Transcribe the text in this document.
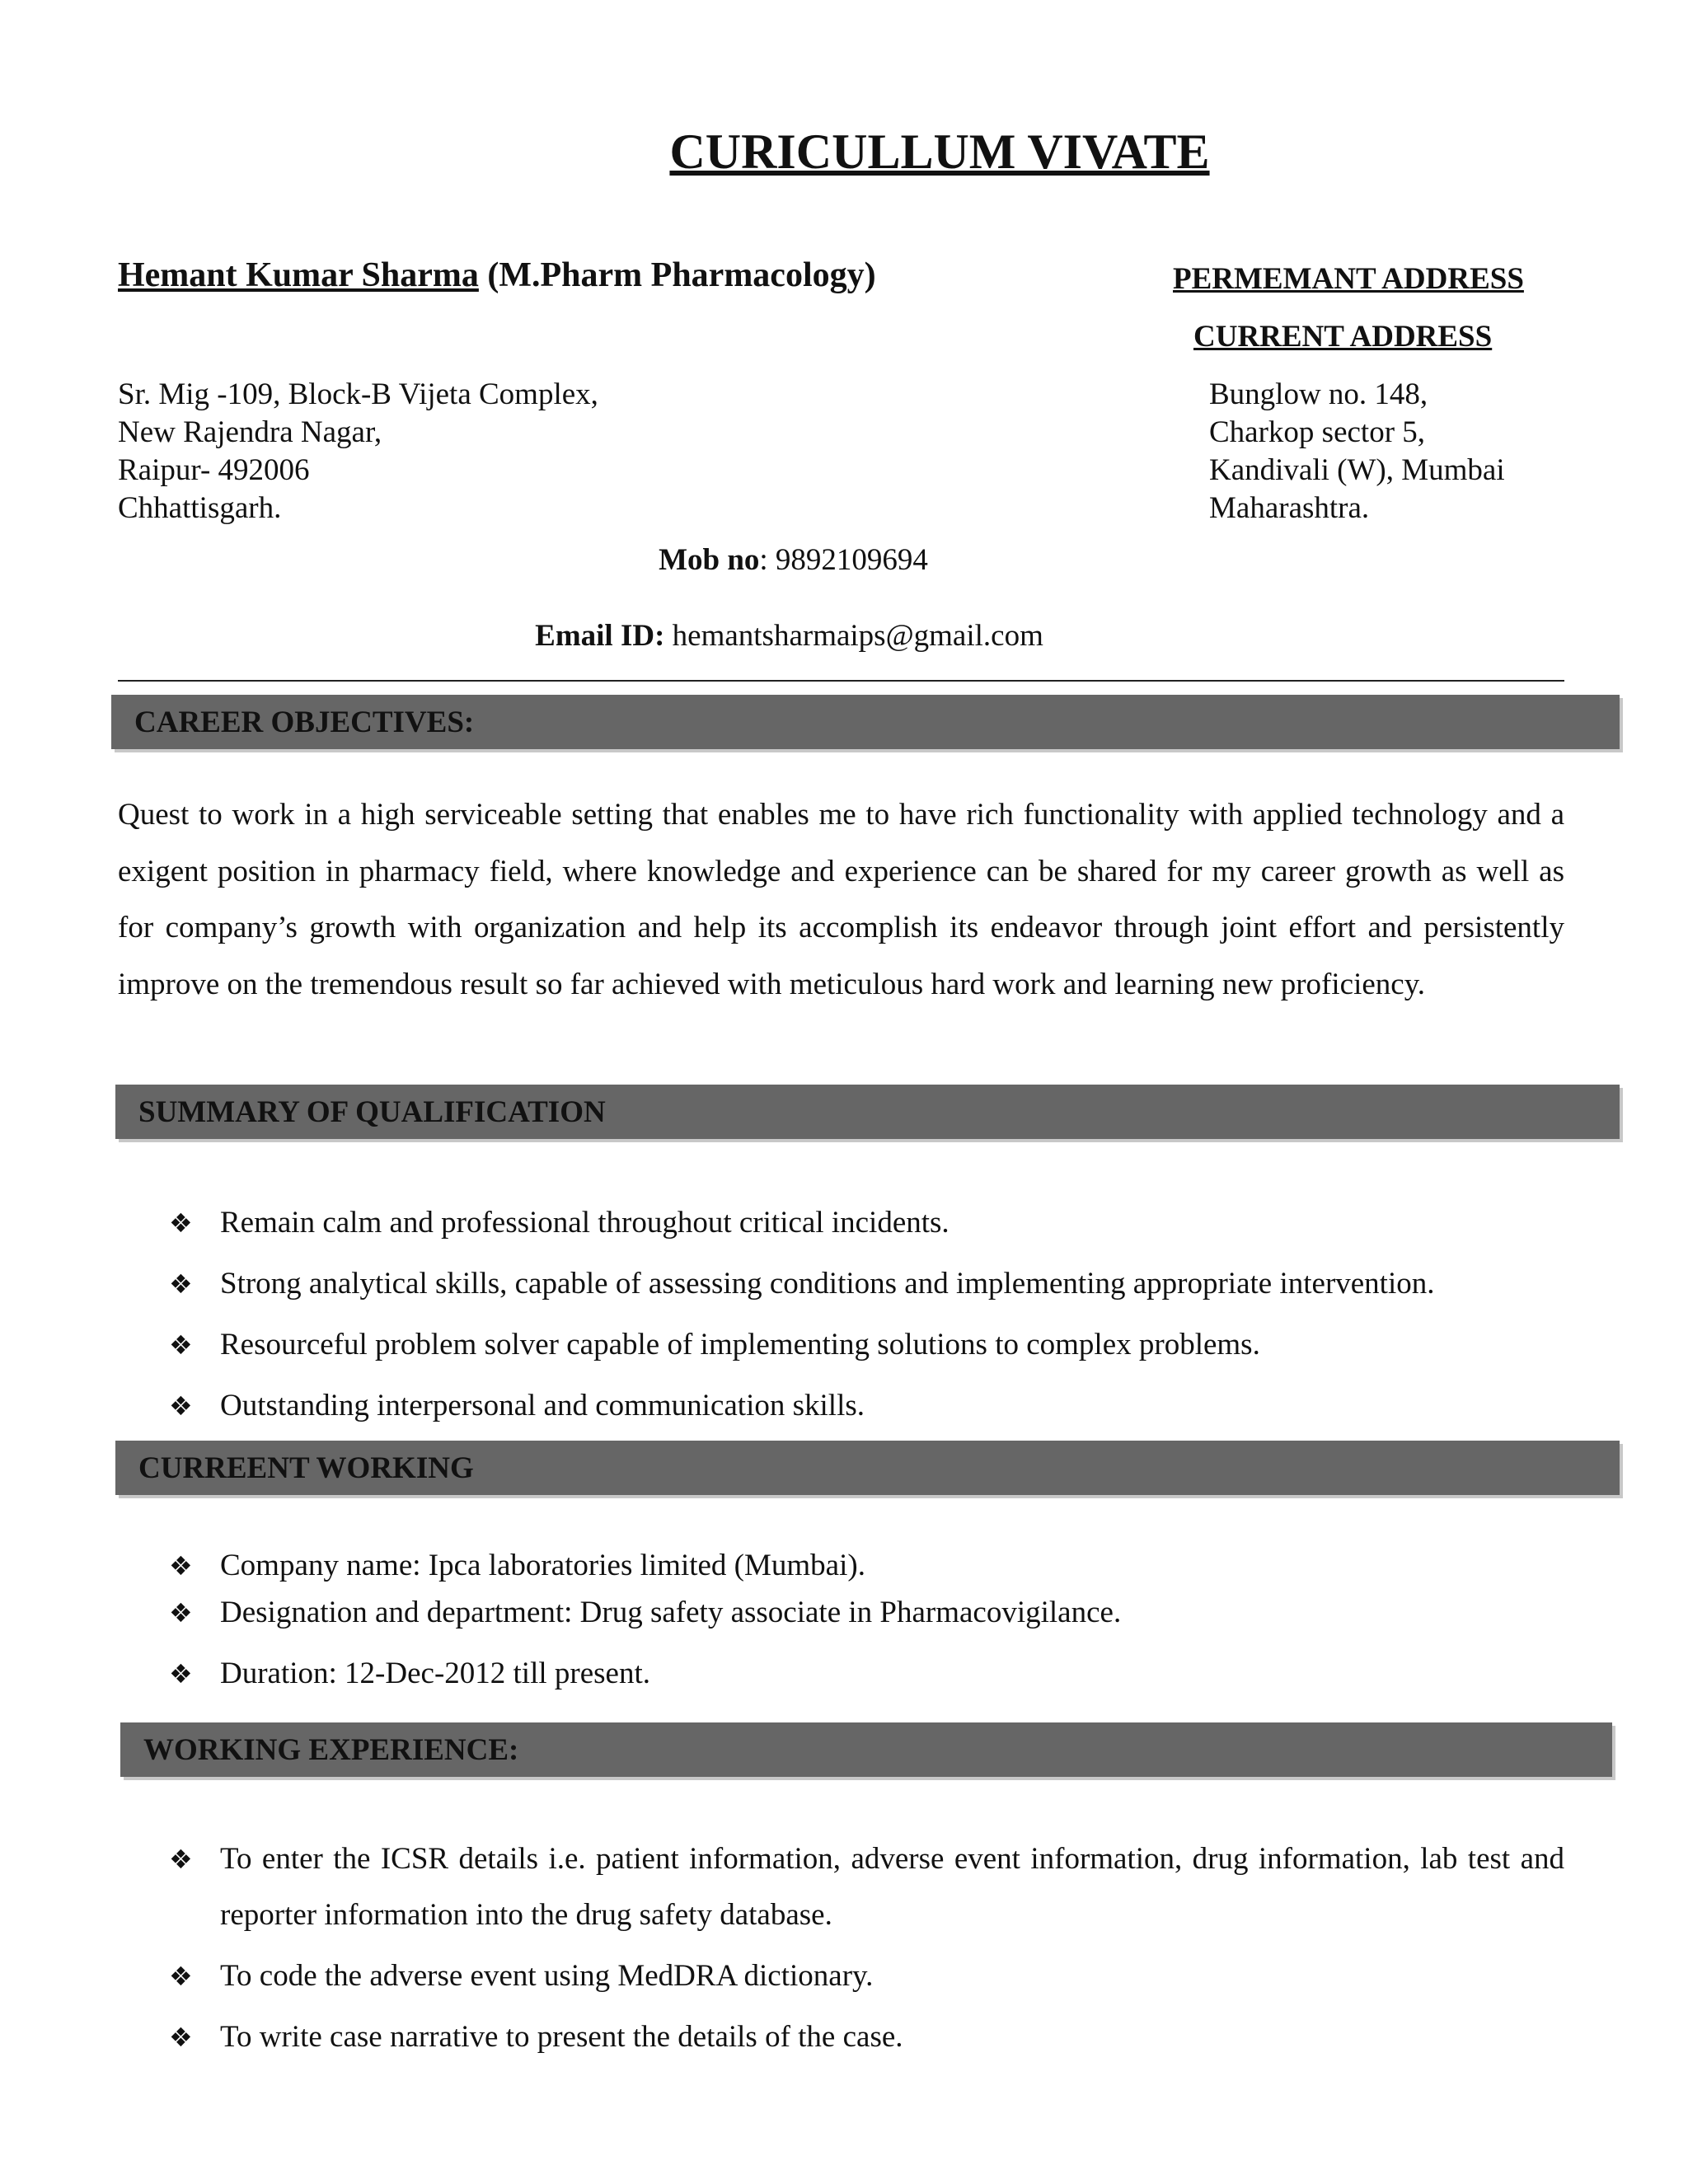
CURICULLUM VIVATE
Hemant Kumar Sharma (M.Pharm Pharmacology)	PERMEMANT ADDRESS
CURRENT ADDRESS
Sr. Mig -109, Block-B Vijeta Complex,
New Rajendra Nagar,
Raipur- 492006
Chhattisgarh.
Bunglow no. 148,
Charkop sector 5,
Kandivali (W), Mumbai
Maharashtra.
Mob no: 9892109694
Email ID: hemantsharmaips@gmail.com
CAREER OBJECTIVES:
Quest to work in a high serviceable setting that enables me to have rich functionality with applied technology and a exigent position in pharmacy field, where knowledge and experience can be shared for my career growth as well as for company’s growth with organization and help its accomplish its endeavor through joint effort and persistently improve on the tremendous result so far achieved with meticulous hard work and learning new proficiency.
SUMMARY OF QUALIFICATION
❖ Remain calm and professional throughout critical incidents.
❖ Strong analytical skills, capable of assessing conditions and implementing appropriate intervention.
❖ Resourceful problem solver capable of implementing solutions to complex problems.
❖ Outstanding interpersonal and communication skills.
CURREENT WORKING
❖ Company name: Ipca laboratories limited (Mumbai).
❖ Designation and department: Drug safety associate in Pharmacovigilance.
❖ Duration: 12-Dec-2012 till present.
WORKING EXPERIENCE:
❖ To enter the ICSR details i.e. patient information, adverse event information, drug information, lab test and reporter information into the drug safety database.
❖ To code the adverse event using MedDRA dictionary.
❖ To write case narrative to present the details of the case.
